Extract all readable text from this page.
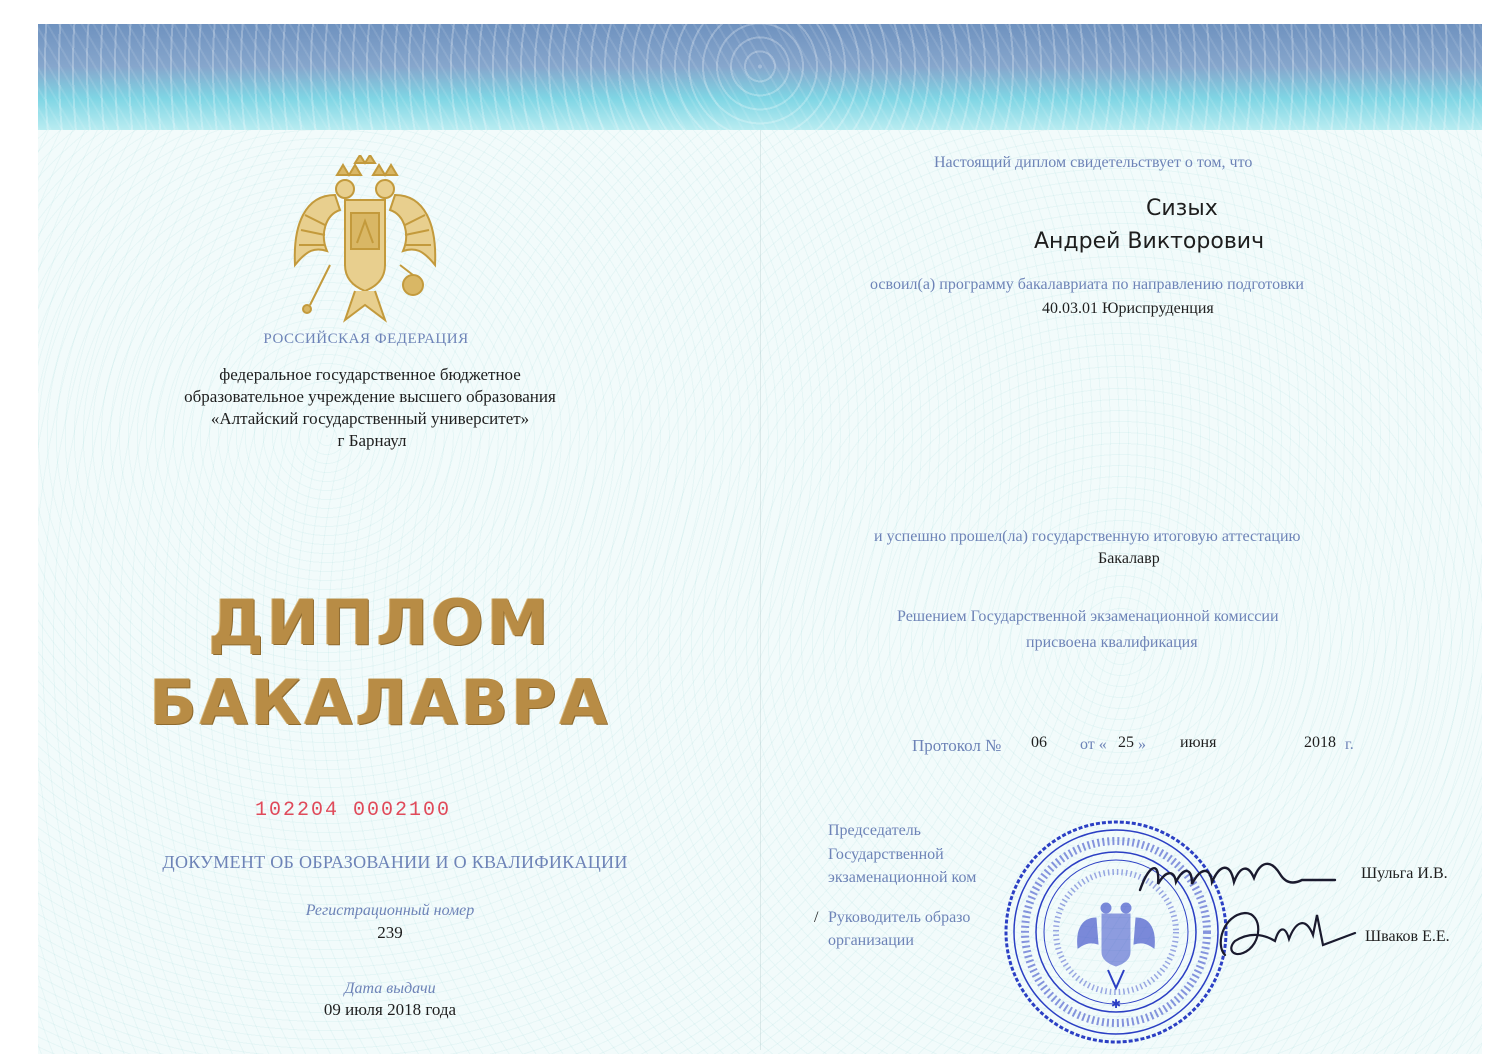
РОССИЙСКАЯ ФЕДЕРАЦИЯ
федеральное государственное бюджетное
образовательное учреждение высшего образования
«Алтайский государственный университет»
г Барнаул
ДИПЛОМ
БАКАЛАВРА
102204 0002100
ДОКУМЕНТ ОБ ОБРАЗОВАНИИ И О КВАЛИФИКАЦИИ
Регистрационный номер
239
Дата выдачи
09 июля 2018 года
Настоящий диплом свидетельствует о том, что
Сизых
Андрей Викторович
освоил(а) программу бакалавриата по направлению подготовки
40.03.01 Юриспруденция
и успешно прошел(ла) государственную итоговую аттестацию
Бакалавр
Решением Государственной экзаменационной комиссии
присвоена квалификация
Протокол № 06 от « 25 » июня	2018 г.
Председатель
Государственной
экзаменационной ком	Шульга И.В.
/ Руководитель образо
организации	Шваков Е.Е.
✱
